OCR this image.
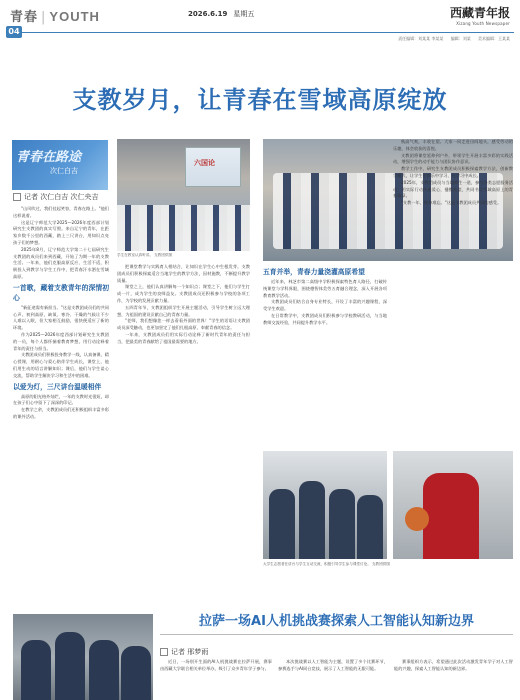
青春 | YOUTH	2026.6.19 星期五	西藏青年报
Xizang Youth Newspaper
04
责任编辑：刘某某 李某某 编辑：刘某 美术编辑：王某某
支教岁月，让青春在雪域高原绽放
青春在路途
次仁白吉
记者 次仁白吉 次仁央吉
六国论
学生在教室认真听讲。 支教团供图
大学生志愿者在讲台与学生互动交流，积极引导学生参与课堂讨论。 支教团供图

"山风吹过，我们挂起笑容，青春在路上。"他们这样说着。

这是辽宁师范大学2025—2026年度西部计划研究生支教团的真实写照。来自辽宁的青年，在距家乡数千公里的西藏，踏上三尺讲台，用知识点亮孩子们的梦想。

2025年8月，辽宁师范大学第二十七届研究生支教团的成员们来到西藏，开始了为期一年的支教生活。一年来，他们克服高原反应、生活不适，积极投入到教学与学生工作中，把青春汗水洒在雪域高原。

一首歌，藏着支教青年的深情初心

"新征途需有新担当。"这是支教团成员们的共同心声。初到高原，缺氧、寒冷、干燥的气候让不少人难以入眠，但大家相互鼓励，很快便适应了新的环境。

作为2025—2026年度西部计划研究生支教团的一员，每个人都怀揣着教育梦想，用行动诠释着青年的责任与担当。

支教团成员们积极投身教学一线，认真备课、精心授课，用耐心与爱心陪伴学生成长，课堂上，他们用生动的语言讲解知识；课后，他们与学生谈心交流，帮助学生解决学习和生活中的困难。

以爱为灯，三尺讲台温暖相伴

高原的阳光格外灿烂，一年的支教时光很短，却在孩子们心中留下了深深的印记。

在教学之余，支教团成员们还积极组织丰富多彩的课外活动。

把课堂教学与实践育人相结合，让知识在学生心中生根发芽。支教团成员们积极探索适合当地学生的教学方法，因材施教，不断提升教学质量。

课堂之上，他们认真讲解每一个知识点；课堂之下，他们与学生打成一片，成为学生的良师益友。支教团成员还积极参与学校的各项工作，为学校的发展贡献力量。

五四青年节，支教团组织学生开展主题活动，引导学生树立远大理想，为祖国的建设贡献自己的青春力量。

"老师，我们想像您一样去看看外面的世界！"学生的话语让支教团成员深受触动，也更加坚定了他们扎根高原、奉献青春的信念。

一年来，支教团成员们用实际行动诠释了新时代青年的责任与担当，把最美的青春献给了祖国最需要的地方。

五育并举，青春力量浇灌高原希望

近年来，林芝市第二高级中学积极探索特色育人路径，打破传统课堂与学科界限，围绕德智体美劳五育融合理念，深入开展各项教育教学活动。

支教团成员们结合自身专业特长，开设了丰富的兴趣课程，深受学生欢迎。

在日常教学中，支教团成员们积极参与学校教研活动，与当地教师交流经验，共同提升教学水平。

秋高气爽，丰收在望。大家一同走进田间地头，感受劳动的乐趣，体会收获的喜悦。

支教团将课堂延伸到户外，带领学生开展丰富多彩的实践活动，增强学生的动手能力与团队协作意识。

教学工作中，研究生支教团成员积极探索教学方法，创新教学模式，让学生在快乐中学习、在学习中成长。

2025年，支教团成员与当地师生一道，参与各类志愿服务活动，用实际行动传递爱心、播撒希望，共同书写雪域高原上的青春篇章。

"支教一年，终身难忘。"这是支教团成员共同的感受。

拉萨一场AI人机挑战赛探索人工智能认知新边界
记者 邢梦雨

近日，一场别开生面的AI人机挑战赛在拉萨开展，赛事由西藏大学联合相关单位举办，吸引了众多青年学子参与。

本次挑战赛以人工智能为主题，设置了多个比赛环节，参赛选手与AI同台竞技，展示了人工智能的无限可能。

赛事组织方表示，希望通过此次活动激发青年学子对人工智能的兴趣，探索人工智能认知的新边界。
